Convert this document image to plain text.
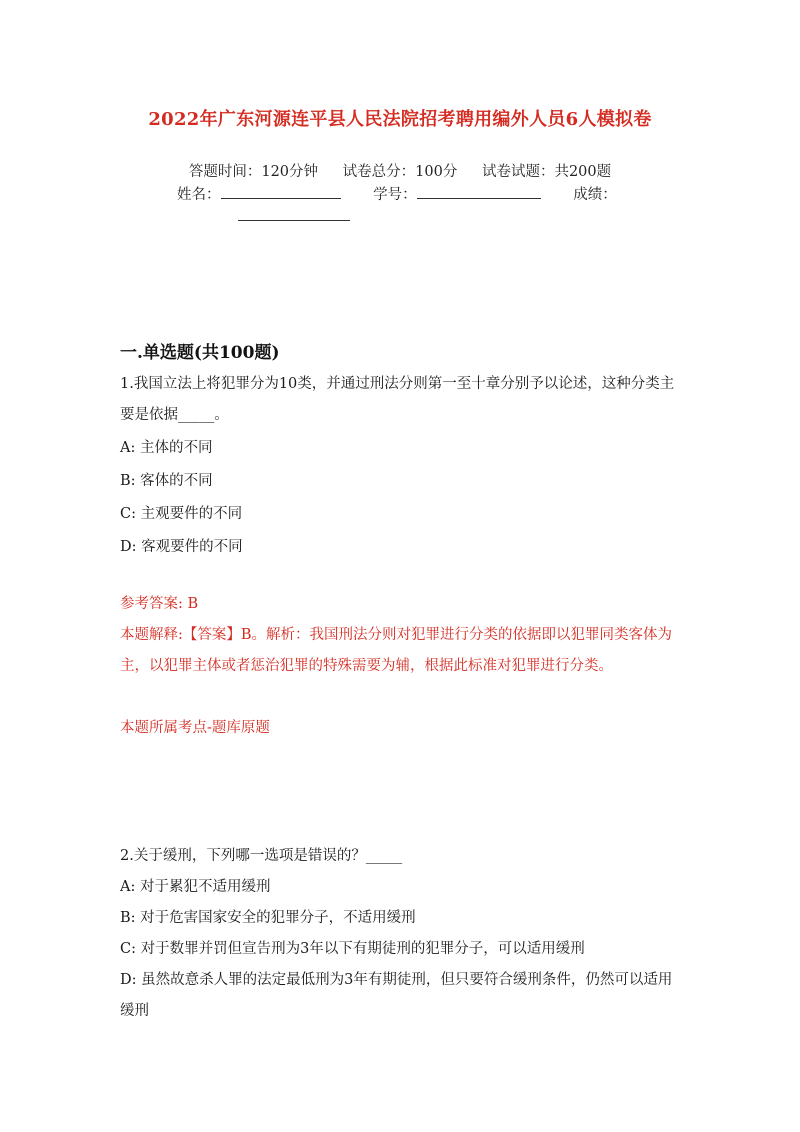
2022年广东河源连平县人民法院招考聘用编外人员6人模拟卷
答题时间：120分钟 试卷总分：100分 试卷试题：共200题
姓名：	学号：	成绩：

一.单选题(共100题)

1.我国立法上将犯罪分为10类，并通过刑法分则第一至十章分别予以论述，这种分类主要是依据_____。

A: 主体的不同

B: 客体的不同

C: 主观要件的不同

D: 客观要件的不同

参考答案: B

本题解释:【答案】B。解析：我国刑法分则对犯罪进行分类的依据即以犯罪同类客体为主，以犯罪主体或者惩治犯罪的特殊需要为辅，根据此标准对犯罪进行分类。

本题所属考点-题库原题

2.关于缓刑，下列哪一选项是错误的？_____

A: 对于累犯不适用缓刑

B: 对于危害国家安全的犯罪分子，不适用缓刑

C: 对于数罪并罚但宣告刑为3年以下有期徒刑的犯罪分子，可以适用缓刑

D: 虽然故意杀人罪的法定最低刑为3年有期徒刑，但只要符合缓刑条件，仍然可以适用缓刑
